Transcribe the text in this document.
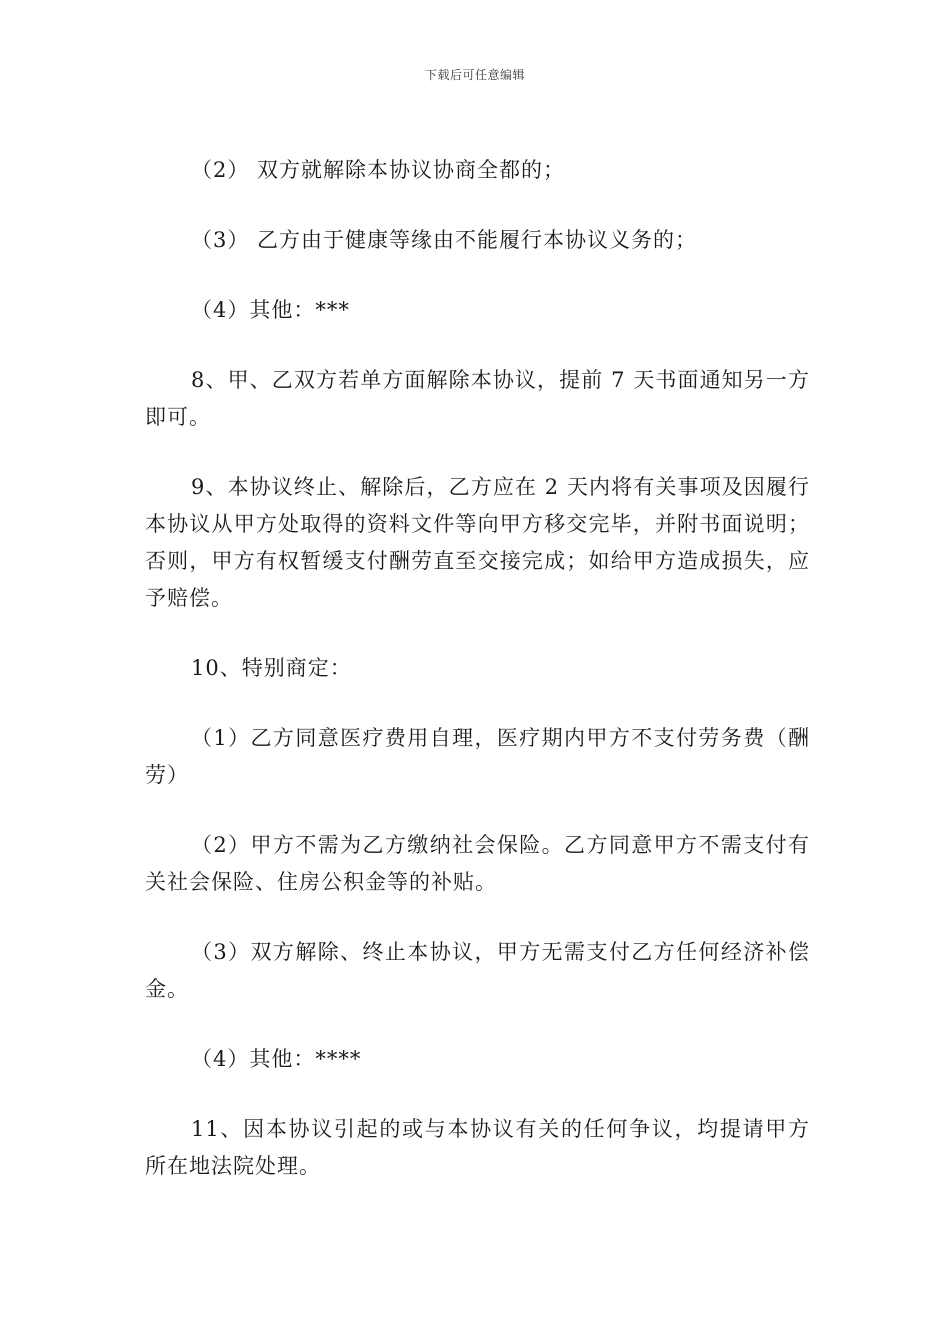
下载后可任意编辑

（2） 双方就解除本协议协商全都的；

（3） 乙方由于健康等缘由不能履行本协议义务的；

（4）其他：***

8、甲、乙双方若单方面解除本协议，提前 7 天书面通知另一方即可。

9、本协议终止、解除后，乙方应在 2 天内将有关事项及因履行本协议从甲方处取得的资料文件等向甲方移交完毕，并附书面说明；否则，甲方有权暂缓支付酬劳直至交接完成；如给甲方造成损失，应予赔偿。

10、特别商定：

（1）乙方同意医疗费用自理，医疗期内甲方不支付劳务费（酬劳）

（2）甲方不需为乙方缴纳社会保险。乙方同意甲方不需支付有关社会保险、住房公积金等的补贴。

（3）双方解除、终止本协议，甲方无需支付乙方任何经济补偿金。

（4）其他：****

11、因本协议引起的或与本协议有关的任何争议，均提请甲方所在地法院处理。
